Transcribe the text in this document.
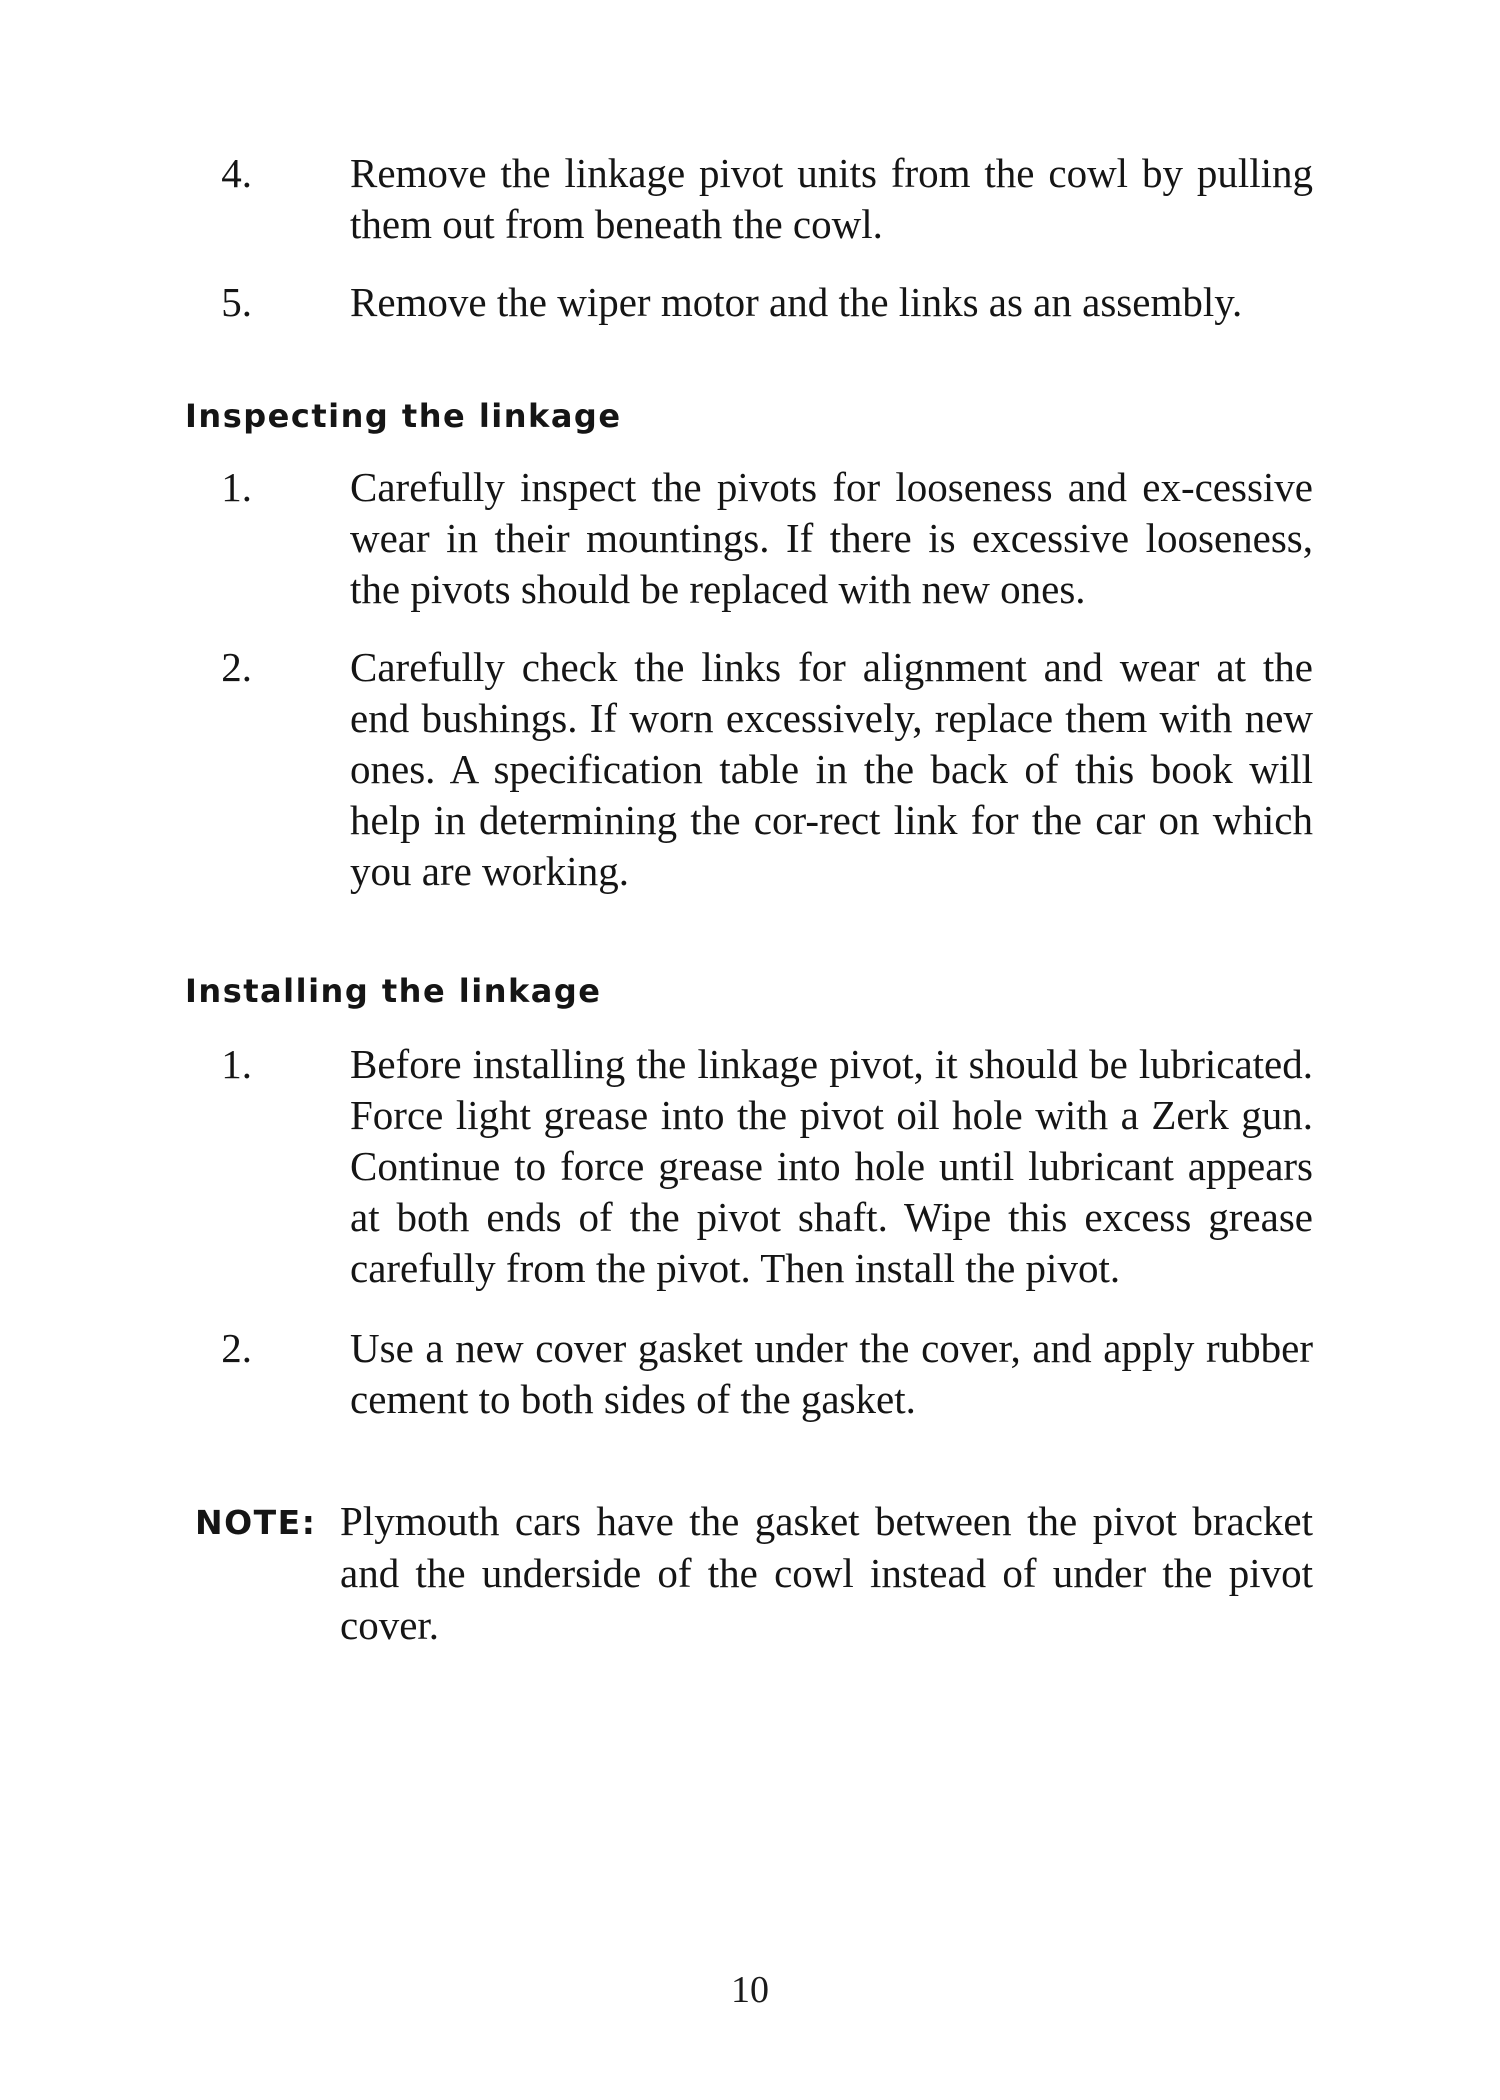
4. Remove the linkage pivot units from the cowl by pulling them out from beneath the cowl.
5. Remove the wiper motor and the links as an assembly.
Inspecting the linkage
1. Carefully inspect the pivots for looseness and ex-cessive wear in their mountings. If there is excessive looseness, the pivots should be replaced with new ones.
2. Carefully check the links for alignment and wear at the end bushings. If worn excessively, replace them with new ones. A specification table in the back of this book will help in determining the cor-rect link for the car on which you are working.
Installing the linkage
1. Before installing the linkage pivot, it should be lubricated. Force light grease into the pivot oil hole with a Zerk gun. Continue to force grease into hole until lubricant appears at both ends of the pivot shaft. Wipe this excess grease carefully from the pivot. Then install the pivot.
2. Use a new cover gasket under the cover, and apply rubber cement to both sides of the gasket.
NOTE: Plymouth cars have the gasket between the pivot bracket and the underside of the cowl instead of under the pivot cover.
10
